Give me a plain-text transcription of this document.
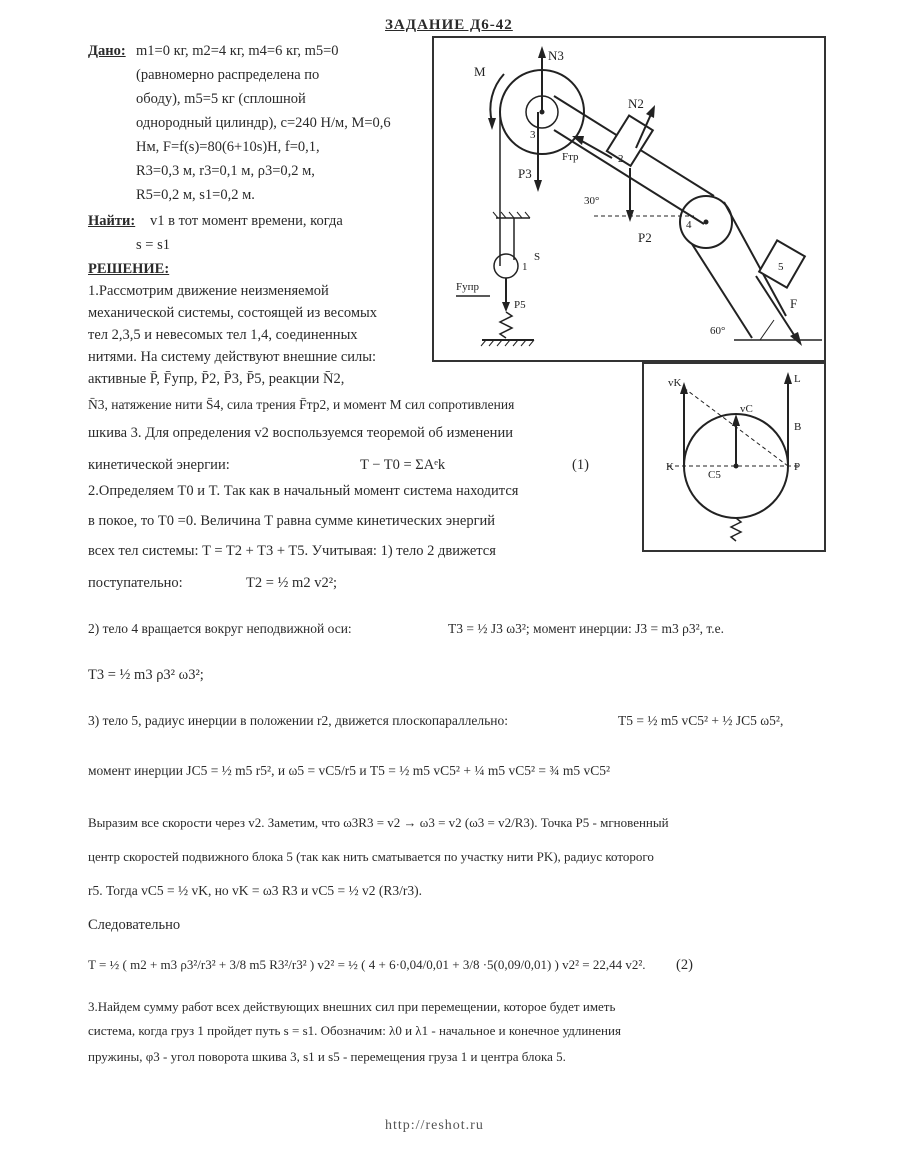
ЗАДАНИЕ Д6-42
Дано: m1=0 кг, m2=4 кг, m4=6 кг, m5=0
(равномерно распределена по
ободу), m5=5 кг (сплошной
однородный цилиндр), c=240 Н/м, M=0,6
Нм, F=f(s)=80(6+10s)Н, f=0,1,
R3=0,3 м, r3=0,1 м, ρ3=0,2 м,
R5=0,2 м, s1=0,2 м.
Найти: v1 в тот момент времени, когда
s = s1
РЕШЕНИЕ:
1.Рассмотрим движение неизменяемой
механической системы, состоящей из весомых
тел 2,3,5 и невесомых тел 1,4, соединенных
нитями. На систему действуют внешние силы:
активные P̄, F̄упр, P̄2, P̄3, P̄5, реакции N̄2,
N̄3, натяжение нити S̄4, сила трения F̄тр2, и момент M сил сопротивления
шкива 3. Для определения v2 воспользуемся теоремой об изменении
кинетической энергии:	T − T0 = ΣAᵉk	(1)
2.Определяем T0 и T. Так как в начальный момент система находится
в покое, то T0 =0. Величина T равна сумме кинетических энергий
всех тел системы: T = T2 + T3 + T5. Учитывая: 1) тело 2 движется
поступательно:	T2 = ½ m2 v2²;
2) тело 4 вращается вокруг неподвижной оси:	T3 = ½ J3 ω3²; момент инерции: J3 = m3 ρ3², т.е.
T3 = ½ m3 ρ3² ω3²;
3) тело 5, радиус инерции в положении r2, движется плоскопараллельно:	T5 = ½ m5 vC5² + ½ JC5 ω5²,
момент инерции JC5 = ½ m5 r5², и ω5 = vC5/r5 и T5 = ½ m5 vC5² + ¼ m5 vC5² = ¾ m5 vC5²
Выразим все скорости через v2. Заметим, что ω3R3 = v2 → ω3 = v2 (ω3 = v2/R3). Точка P5 - мгновенный
центр скоростей подвижного блока 5 (так как нить сматывается по участку нити PK), радиус которого
r5. Тогда vC5 = ½ vK, но vK = ω3 R3 и vC5 = ½ v2 (R3/r3).
Следовательно
T = ½ ( m2 + m3 ρ3²/r3² + 3/8 m5 R3²/r3² ) v2² = ½ ( 4 + 6·0,04/0,01 + 3/8 ·5(0,09/0,01) ) v2² = 22,44 v2². (2)
3.Найдем сумму работ всех действующих внешних сил при перемещении, которое будет иметь
система, когда груз 1 пройдет путь s = s1. Обозначим: λ0 и λ1 - начальное и конечное удлинения
пружины, φ3 - угол поворота шкива 3, s1 и s5 - перемещения груза 1 и центра блока 5.
M
N3
P3
3
2
N2
Fтр
P2
30°
4
5
F
60°
S
1
P5
Fупр
vK
vC
L
B
K	P
C5
http://reshot.ru
